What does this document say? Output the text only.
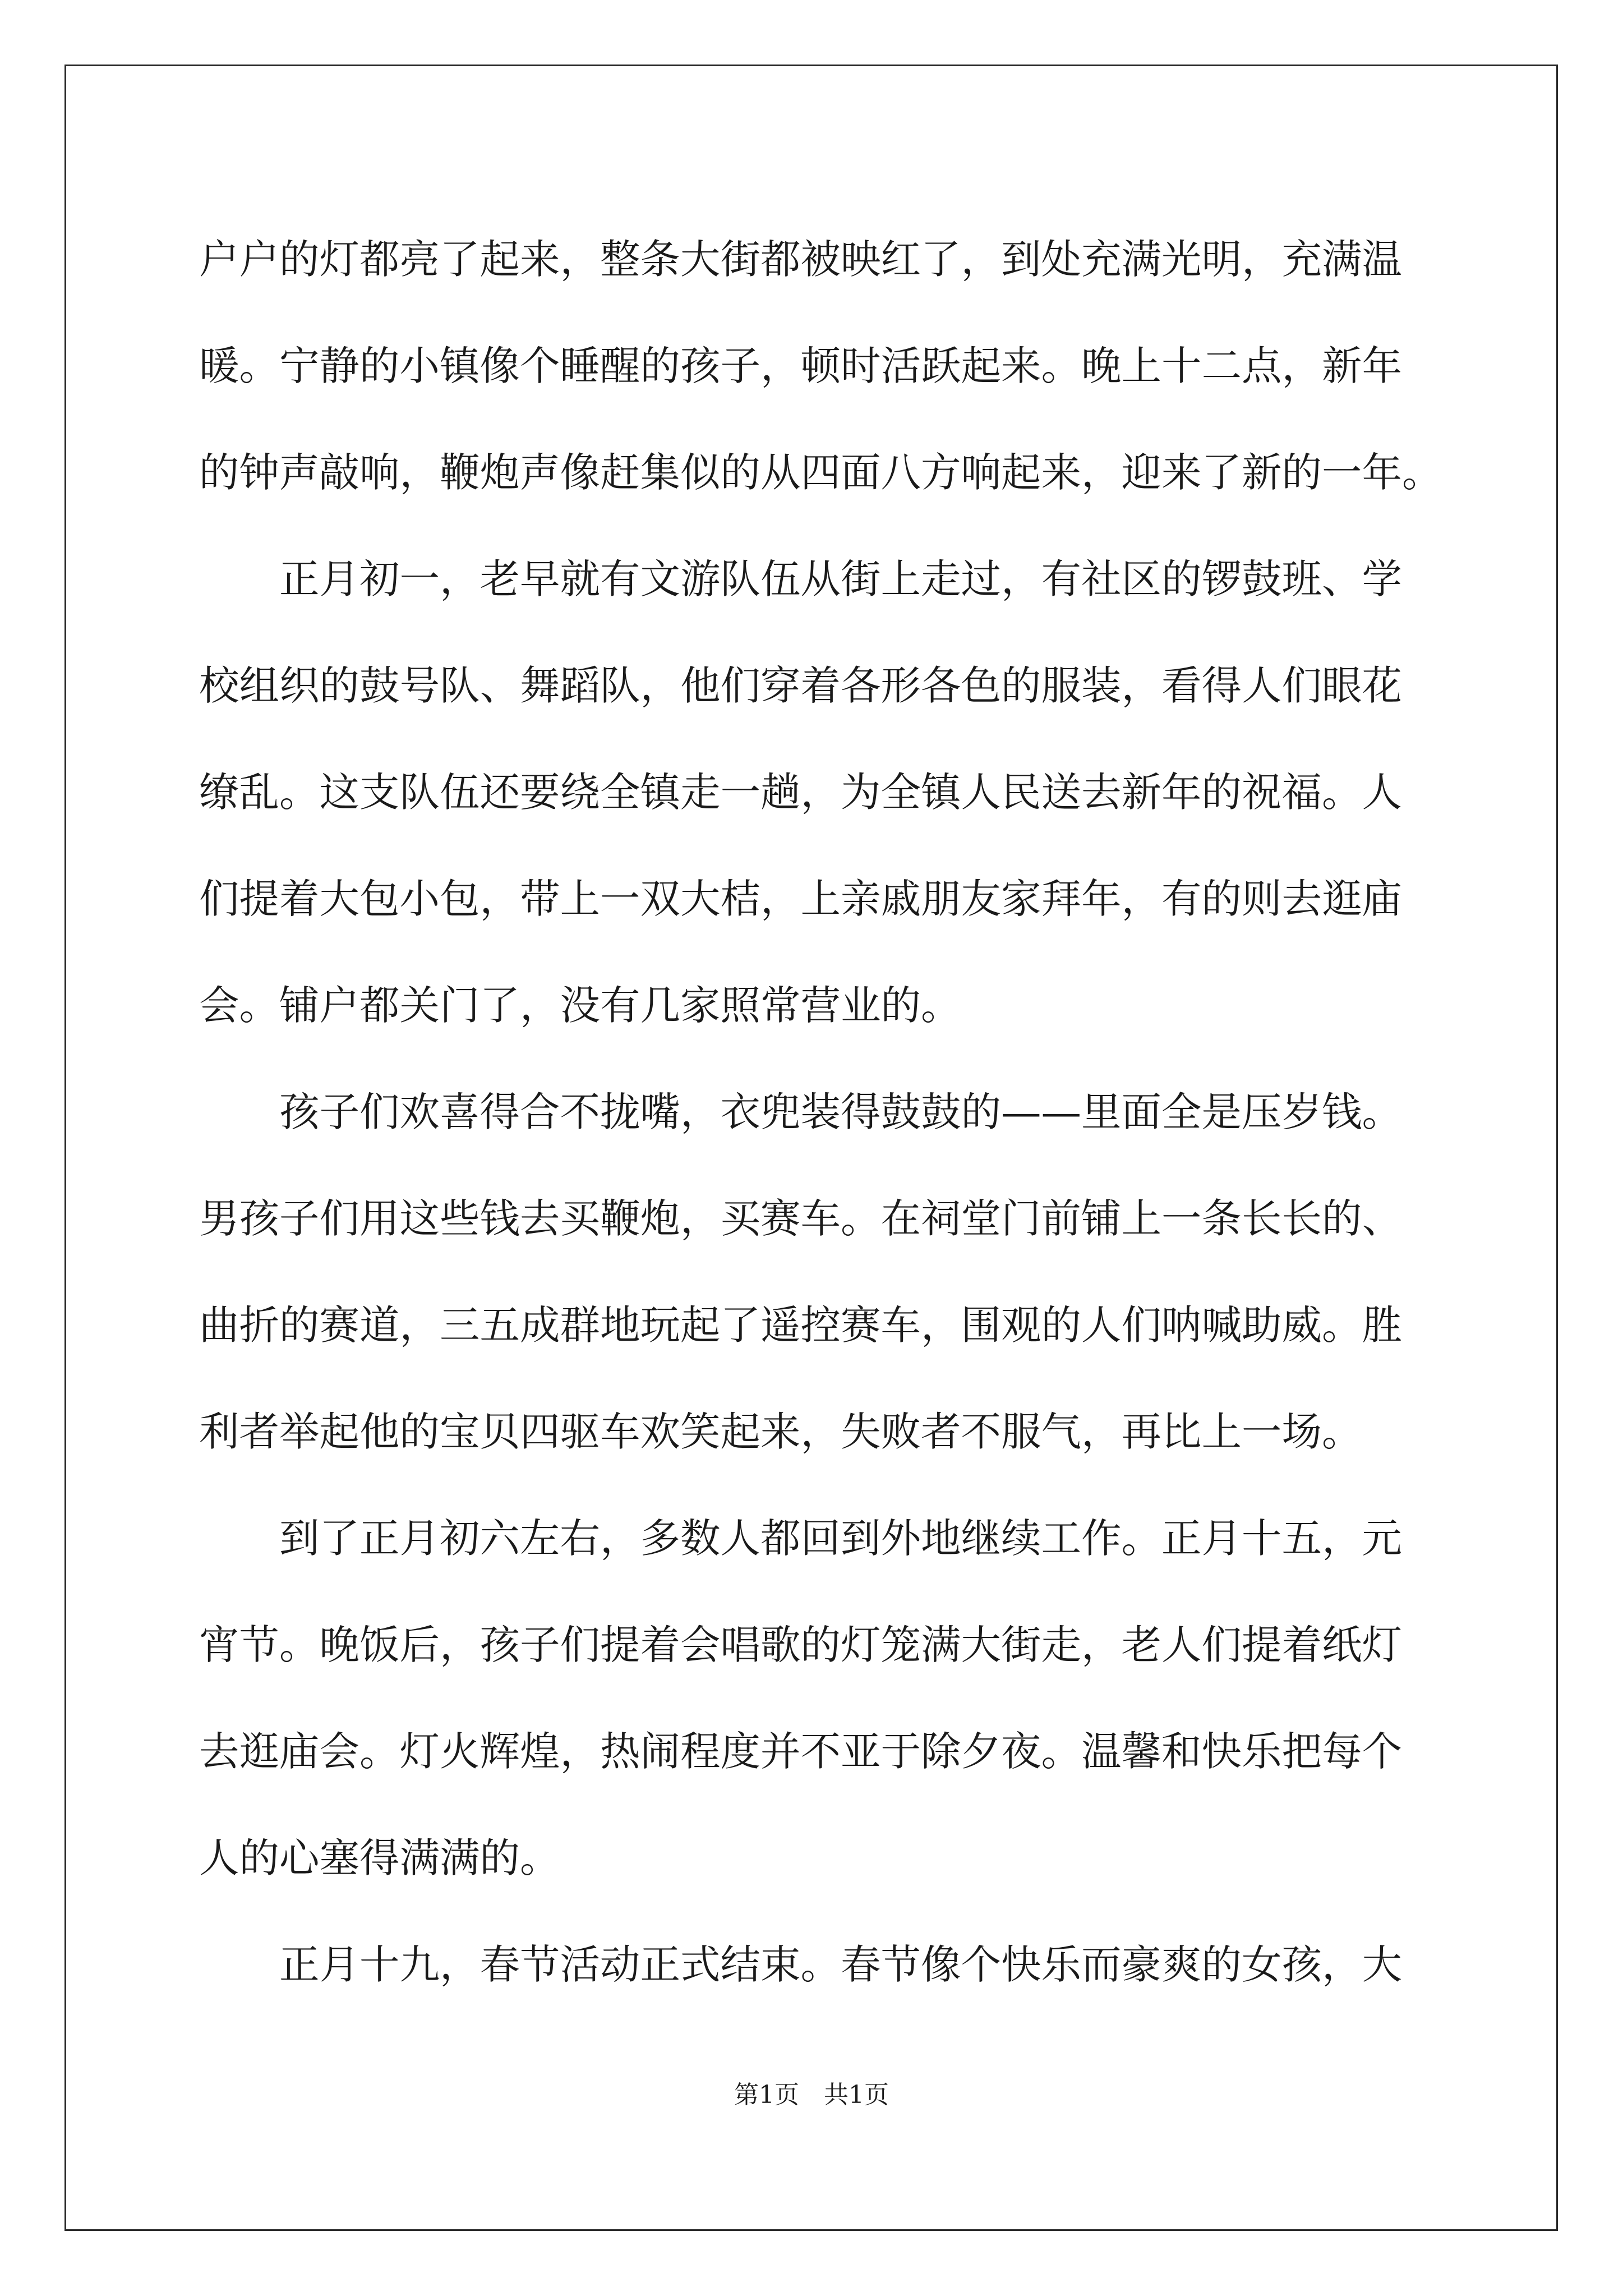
户户的灯都亮了起来，整条大街都被映红了，到处充满光明，充满温
暖。宁静的小镇像个睡醒的孩子，顿时活跃起来。晚上十二点，新年
的钟声敲响，鞭炮声像赶集似的从四面八方响起来，迎来了新的一年。
　　正月初一，老早就有文游队伍从街上走过，有社区的锣鼓班、学
校组织的鼓号队、舞蹈队，他们穿着各形各色的服装，看得人们眼花
缭乱。这支队伍还要绕全镇走一趟，为全镇人民送去新年的祝福。人
们提着大包小包，带上一双大桔，上亲戚朋友家拜年，有的则去逛庙
会。铺户都关门了，没有几家照常营业的。
　　孩子们欢喜得合不拢嘴，衣兜装得鼓鼓的——里面全是压岁钱。
男孩子们用这些钱去买鞭炮，买赛车。在祠堂门前铺上一条长长的、
曲折的赛道，三五成群地玩起了遥控赛车，围观的人们呐喊助威。胜
利者举起他的宝贝四驱车欢笑起来，失败者不服气，再比上一场。
　　到了正月初六左右，多数人都回到外地继续工作。正月十五，元
宵节。晚饭后，孩子们提着会唱歌的灯笼满大街走，老人们提着纸灯
去逛庙会。灯火辉煌，热闹程度并不亚于除夕夜。温馨和快乐把每个
人的心塞得满满的。
　　正月十九，春节活动正式结束。春节像个快乐而豪爽的女孩，大
第1页　共1页
